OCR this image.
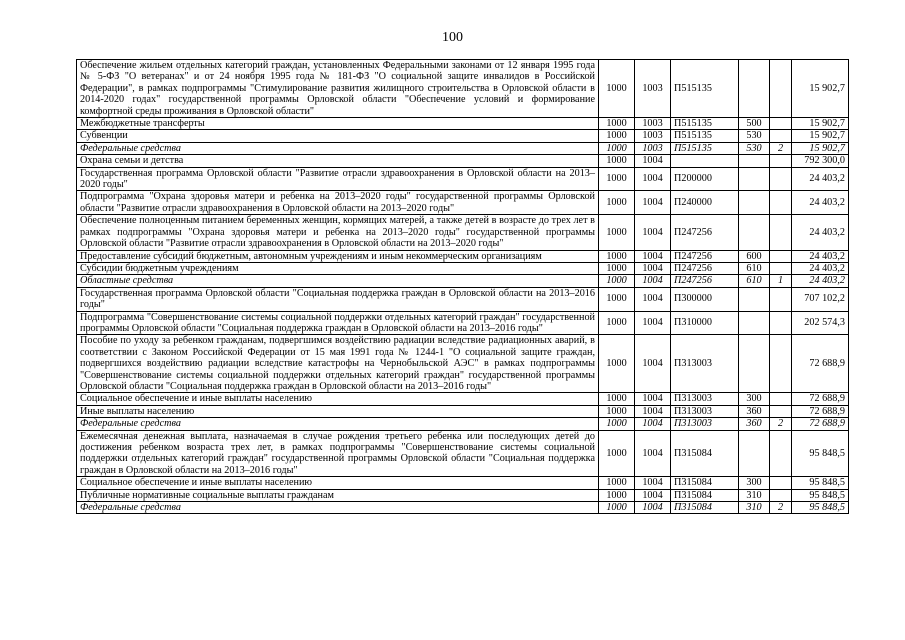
100
Обеспечение жильем отдельных категорий граждан, установленных Федеральными законами от 12 января 1995 года № 5-ФЗ "О ветеранах" и от 24 ноября 1995 года № 181-ФЗ "О социальной защите инвалидов в Российской Федерации", в рамках подпрограммы "Стимулирование развития жилищного строительства в Орловской области в 2014-2020 годах" государственной программы Орловской области "Обеспечение условий и формирование комфортной среды проживания в Орловской области"	1000	1003	П515135			15 902,7
Межбюджетные трансферты	1000	1003	П515135	500		15 902,7
Субвенции	1000	1003	П515135	530		15 902,7
Федеральные средства	1000	1003	П515135	530	2	15 902,7
Охрана семьи и детства	1000	1004				792 300,0
Государственная программа Орловской области "Развитие отрасли здравоохранения в Орловской области на 2013–2020 годы"	1000	1004	П200000			24 403,2
Подпрограмма "Охрана здоровья матери и ребенка на 2013–2020 годы" государственной программы Орловской области "Развитие отрасли здравоохранения в Орловской области на 2013–2020 годы"	1000	1004	П240000			24 403,2
Обеспечение полноценным питанием беременных женщин, кормящих матерей, а также детей в возрасте до трех лет в рамках подпрограммы "Охрана здоровья матери и ребенка на 2013–2020 годы" государственной программы Орловской области "Развитие отрасли здравоохранения в Орловской области на 2013–2020 годы"	1000	1004	П247256			24 403,2
Предоставление субсидий бюджетным, автономным учреждениям и иным некоммерческим организациям	1000	1004	П247256	600		24 403,2
Субсидии бюджетным учреждениям	1000	1004	П247256	610		24 403,2
Областные средства	1000	1004	П247256	610	1	24 403,2
Государственная программа Орловской области "Социальная поддержка граждан в Орловской области на 2013–2016 годы"	1000	1004	П300000			707 102,2
Подпрограмма "Совершенствование системы социальной поддержки отдельных категорий граждан" государственной программы Орловской области "Социальная поддержка граждан в Орловской области на 2013–2016 годы"	1000	1004	П310000			202 574,3
Пособие по уходу за ребенком гражданам, подвергшимся воздействию радиации вследствие радиационных аварий, в соответствии с Законом Российской Федерации от 15 мая 1991 года № 1244-1 "О социальной защите граждан, подвергшихся воздействию радиации вследствие катастрофы на Чернобыльской АЭС" в рамках подпрограммы "Совершенствование системы социальной поддержки отдельных категорий граждан" государственной программы Орловской области "Социальная поддержка граждан в Орловской области на 2013–2016 годы"	1000	1004	П313003			72 688,9
Социальное обеспечение и иные выплаты населению	1000	1004	П313003	300		72 688,9
Иные выплаты населению	1000	1004	П313003	360		72 688,9
Федеральные средства	1000	1004	П313003	360	2	72 688,9
Ежемесячная денежная выплата, назначаемая в случае рождения третьего ребенка или последующих детей до достижения ребенком возраста трех лет, в рамках подпрограммы "Совершенствование системы социальной поддержки отдельных категорий граждан" государственной программы Орловской области "Социальная поддержка граждан в Орловской области на 2013–2016 годы"	1000	1004	П315084			95 848,5
Социальное обеспечение и иные выплаты населению	1000	1004	П315084	300		95 848,5
Публичные нормативные социальные выплаты гражданам	1000	1004	П315084	310		95 848,5
Федеральные средства	1000	1004	П315084	310	2	95 848,5
